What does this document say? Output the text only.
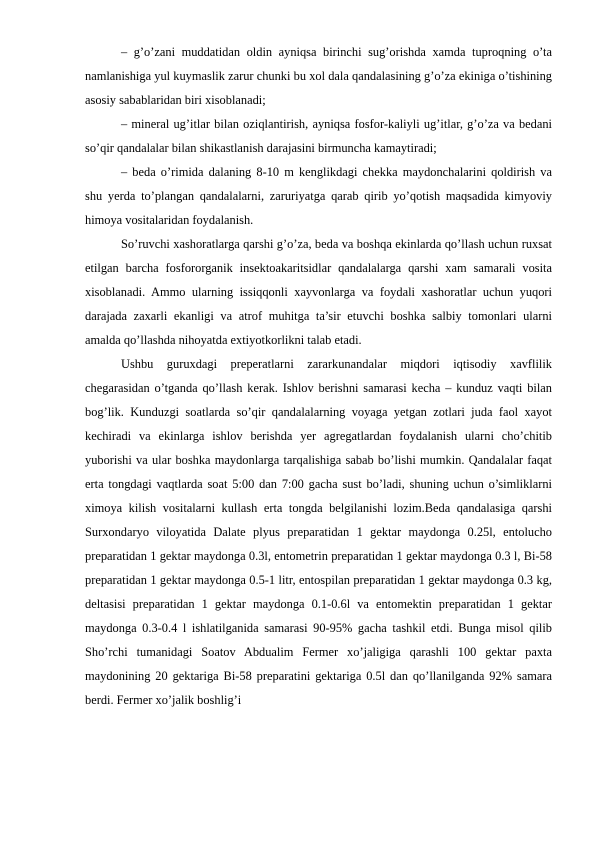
– g’o’zani muddatidan oldin ayniqsa birinchi sug’orishda xamda tuproqning o’ta namlanishiga yul kuymaslik zarur chunki bu xol dala qandalasining g’o’za ekiniga o’tishining asosiy sabablaridan biri xisoblanadi;

– mineral ug’itlar bilan oziqlantirish, ayniqsa fosfor-kaliyli ug’itlar, g’o’za va bedani so’qir qandalalar bilan shikastlanish darajasini birmuncha kamaytiradi;

– beda o’rimida dalaning 8-10 m kenglikdagi chekka maydonchalarini qoldirish va shu yerda to’plangan qandalalarni, zaruriyatga qarab qirib yo’qotish maqsadida kimyoviy himoya vositalaridan foydalanish.

So’ruvchi xashoratlarga qarshi g’o’za, beda va boshqa ekinlarda qo’llash uchun ruxsat etilgan barcha fosfororganik insektoakaritsidlar qandalalarga qarshi xam samarali vosita xisoblanadi. Ammo ularning issiqqonli xayvonlarga va foydali xashoratlar uchun yuqori darajada zaxarli ekanligi va atrof muhitga ta’sir etuvchi boshka salbiy tomonlari ularni amalda qo’llashda nihoyatda extiyotkorlikni talab etadi.

Ushbu guruxdagi preperatlarni zararkunandalar miqdori iqtisodiy xavflilik chegarasidan o’tganda qo’llash kerak. Ishlov berishni samarasi kecha – kunduz vaqti bilan bog’lik. Kunduzgi soatlarda so’qir qandalalarning voyaga yetgan zotlari juda faol xayot kechiradi va ekinlarga ishlov berishda yer agregatlardan foydalanish ularni cho’chitib yuborishi va ular boshka maydonlarga tarqalishiga sabab bo’lishi mumkin. Qandalalar faqat erta tongdagi vaqtlarda soat 5:00 dan 7:00 gacha sust bo’ladi, shuning uchun o’simliklarni ximoya kilish vositalarni kullash erta tongda belgilanishi lozim.Beda qandalasiga qarshi Surxondaryo viloyatida Dalate plyus preparatidan 1 gektar maydonga 0.25l, entolucho preparatidan 1 gektar maydonga 0.3l, entometrin preparatidan 1 gektar maydonga 0.3 l, Bi-58 preparatidan 1 gektar maydonga 0.5-1 litr, entospilan preparatidan 1 gektar maydonga 0.3 kg, deltasisi preparatidan 1 gektar maydonga 0.1-0.6l va entomektin preparatidan 1 gektar maydonga 0.3-0.4 l ishlatilganida samarasi 90-95% gacha tashkil etdi. Bunga misol qilib Sho’rchi tumanidagi Soatov Abdualim Fermer xo’jaligiga qarashli 100 gektar paxta maydonining 20 gektariga Bi-58 preparatini gektariga 0.5l dan qo’llanilganda 92% samara berdi. Fermer xo’jalik boshlig’i
